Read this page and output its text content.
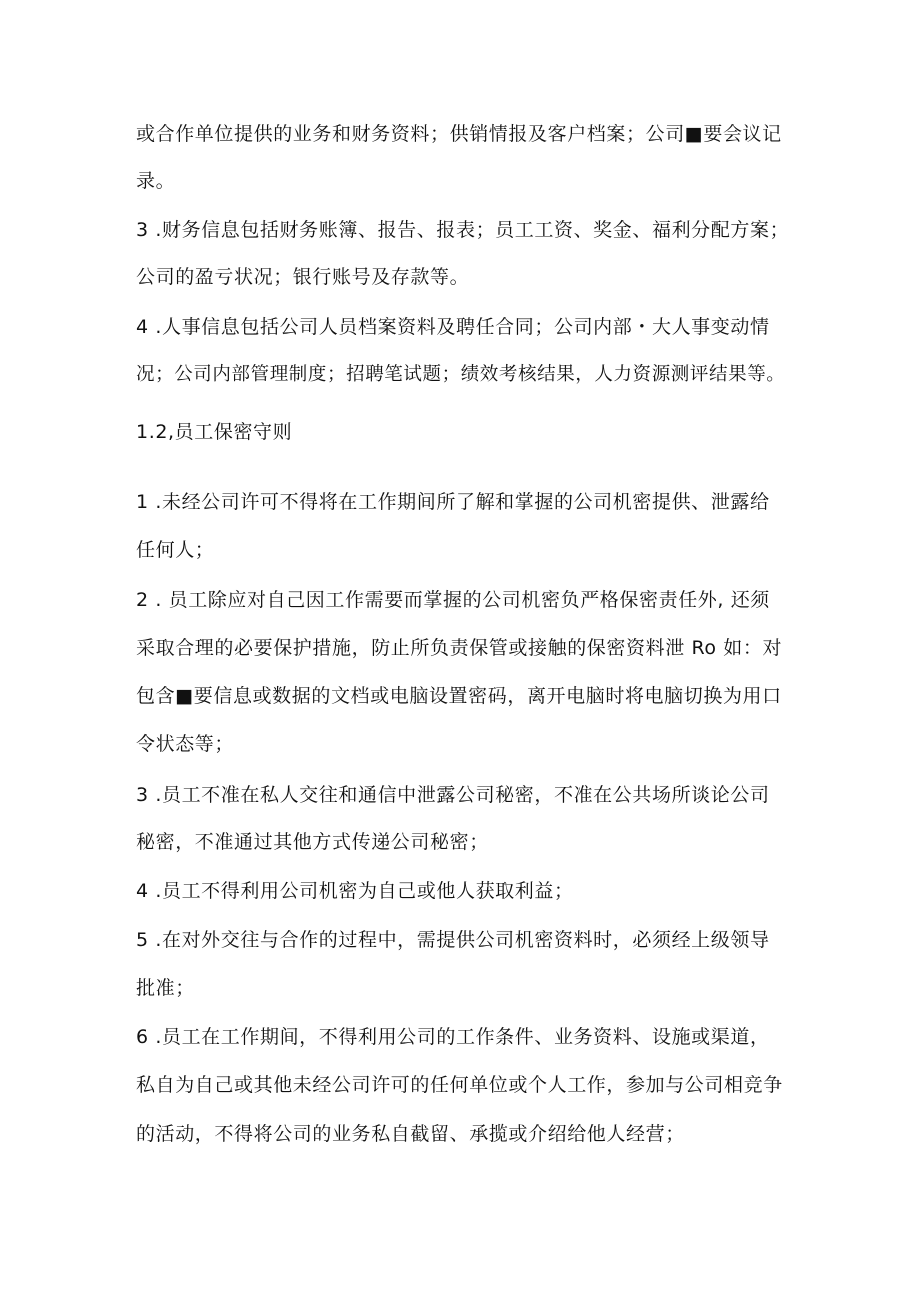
或合作单位提供的业务和财务资料；供销情报及客户档案；公司■要会议记

录。

3 .财务信息包括财务账簿、报告、报表；员工工资、奖金、福利分配方案；

公司的盈亏状况；银行账号及存款等。

4 .人事信息包括公司人员档案资料及聘任合同；公司内部・大人事变动情

况；公司内部管理制度；招聘笔试题；绩效考核结果，人力资源测评结果等。

1.2,员工保密守则

1 .未经公司许可不得将在工作期间所了解和掌握的公司机密提供、泄露给

任何人；

2 . 员工除应对自己因工作需要而掌握的公司机密负严格保密责任外, 还须

采取合理的必要保护措施，防止所负责保管或接触的保密资料泄 Ro 如：对

包含■要信息或数据的文档或电脑设置密码，离开电脑时将电脑切换为用口

令状态等；

3 .员工不准在私人交往和通信中泄露公司秘密，不准在公共场所谈论公司

秘密，不准通过其他方式传递公司秘密；

4 .员工不得利用公司机密为自己或他人获取利益；

5 .在对外交往与合作的过程中，需提供公司机密资料时，必须经上级领导

批准；

6 .员工在工作期间，不得利用公司的工作条件、业务资料、设施或渠道，

私自为自己或其他未经公司许可的任何单位或个人工作，参加与公司相竞争

的活动，不得将公司的业务私自截留、承揽或介绍给他人经营；
